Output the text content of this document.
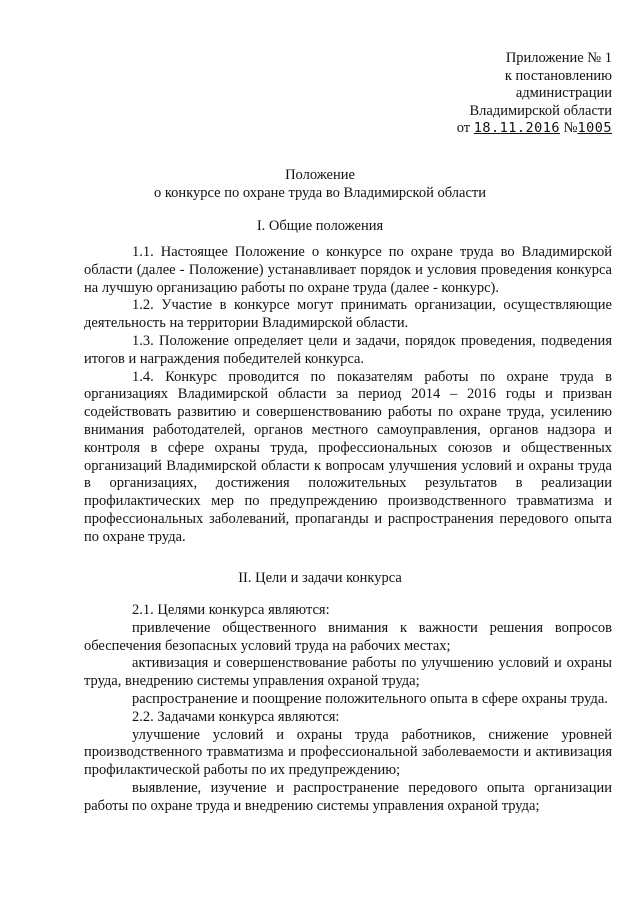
Приложение № 1
к постановлению
администрации
Владимирской области
от 18.11.2016 №1005
Положение
о конкурсе по охране труда во Владимирской области
I. Общие положения

1.1. Настоящее Положение о конкурсе по охране труда во Владимирской области (далее - Положение) устанавливает порядок и условия проведения конкурса на лучшую организацию работы по охране труда (далее - конкурс).

1.2. Участие в конкурсе могут принимать организации, осуществляющие деятельность на территории Владимирской области.

1.3. Положение определяет цели и задачи, порядок проведения, подведения итогов и награждения победителей конкурса.

1.4. Конкурс проводится по показателям работы по охране труда в организациях Владимирской области за период 2014 – 2016 годы и призван содействовать развитию и совершенствованию работы по охране труда, усилению внимания работодателей, органов местного самоуправления, органов надзора и контроля в сфере охраны труда, профессиональных союзов и общественных организаций Владимирской области к вопросам улучшения условий и охраны труда в организациях, достижения положительных результатов в реализации профилактических мер по предупреждению производственного травматизма и профессиональных заболеваний, пропаганды и распространения передового опыта по охране труда.

II. Цели и задачи конкурса

2.1. Целями конкурса являются:

привлечение общественного внимания к важности решения вопросов обеспечения безопасных условий труда на рабочих местах;

активизация и совершенствование работы по улучшению условий и охраны труда, внедрению системы управления охраной труда;

распространение и поощрение положительного опыта в сфере охраны труда.

2.2. Задачами конкурса являются:

улучшение условий и охраны труда работников, снижение уровней производственного травматизма и профессиональной заболеваемости и активизация профилактической работы по их предупреждению;

выявление, изучение и распространение передового опыта организации работы по охране труда и внедрению системы управления охраной труда;
